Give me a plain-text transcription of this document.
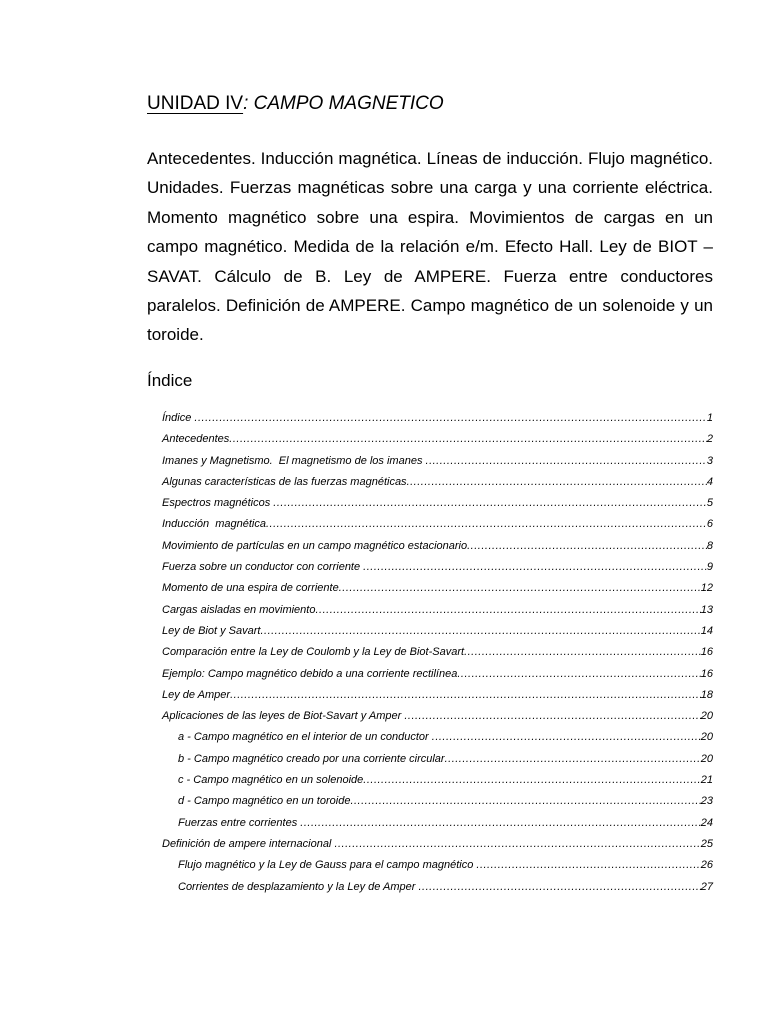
UNIDAD IV: CAMPO MAGNETICO

Antecedentes. Inducción magnética. Líneas de inducción. Flujo magnético. Unidades. Fuerzas magnéticas sobre una carga y una corriente eléctrica. Momento magnético sobre una espira. Movimientos de cargas en un campo magnético. Medida de la relación e/m. Efecto Hall. Ley de BIOT – SAVAT. Cálculo de B. Ley de AMPERE. Fuerza entre conductores paralelos. Definición de AMPERE. Campo magnético de un solenoide y un toroide.

Índice
Índice .....	1
Antecedentes .....	2
Imanes y Magnetismo.  El magnetismo de los imanes .....	3
Algunas características de las fuerzas magnéticas .....	4
Espectros magnéticos .....	5
Inducción  magnética .....	6
Movimiento de partículas en un campo magnético estacionario .....	8
Fuerza sobre un conductor con corriente .....	9
Momento de una espira de corriente .....	12
Cargas aisladas en movimiento .....	13
Ley de Biot y Savart .....	14
Comparación entre la Ley de Coulomb y la Ley de Biot-Savart .....	16
Ejemplo: Campo magnético debido a una corriente rectilínea .....	16
Ley de Amper .....	18
Aplicaciones de las leyes de Biot-Savart y Amper .....	20
a - Campo magnético en el interior de un conductor .....	20
b - Campo magnético creado por una corriente circular .....	20
c - Campo magnético en un solenoide .....	21
d - Campo magnético en un toroide .....	23
Fuerzas entre corrientes .....	24
Definición de ampere internacional .....	25
Flujo magnético y la Ley de Gauss para el campo magnético .....	26
Corrientes de desplazamiento y la Ley de Amper .....	27
